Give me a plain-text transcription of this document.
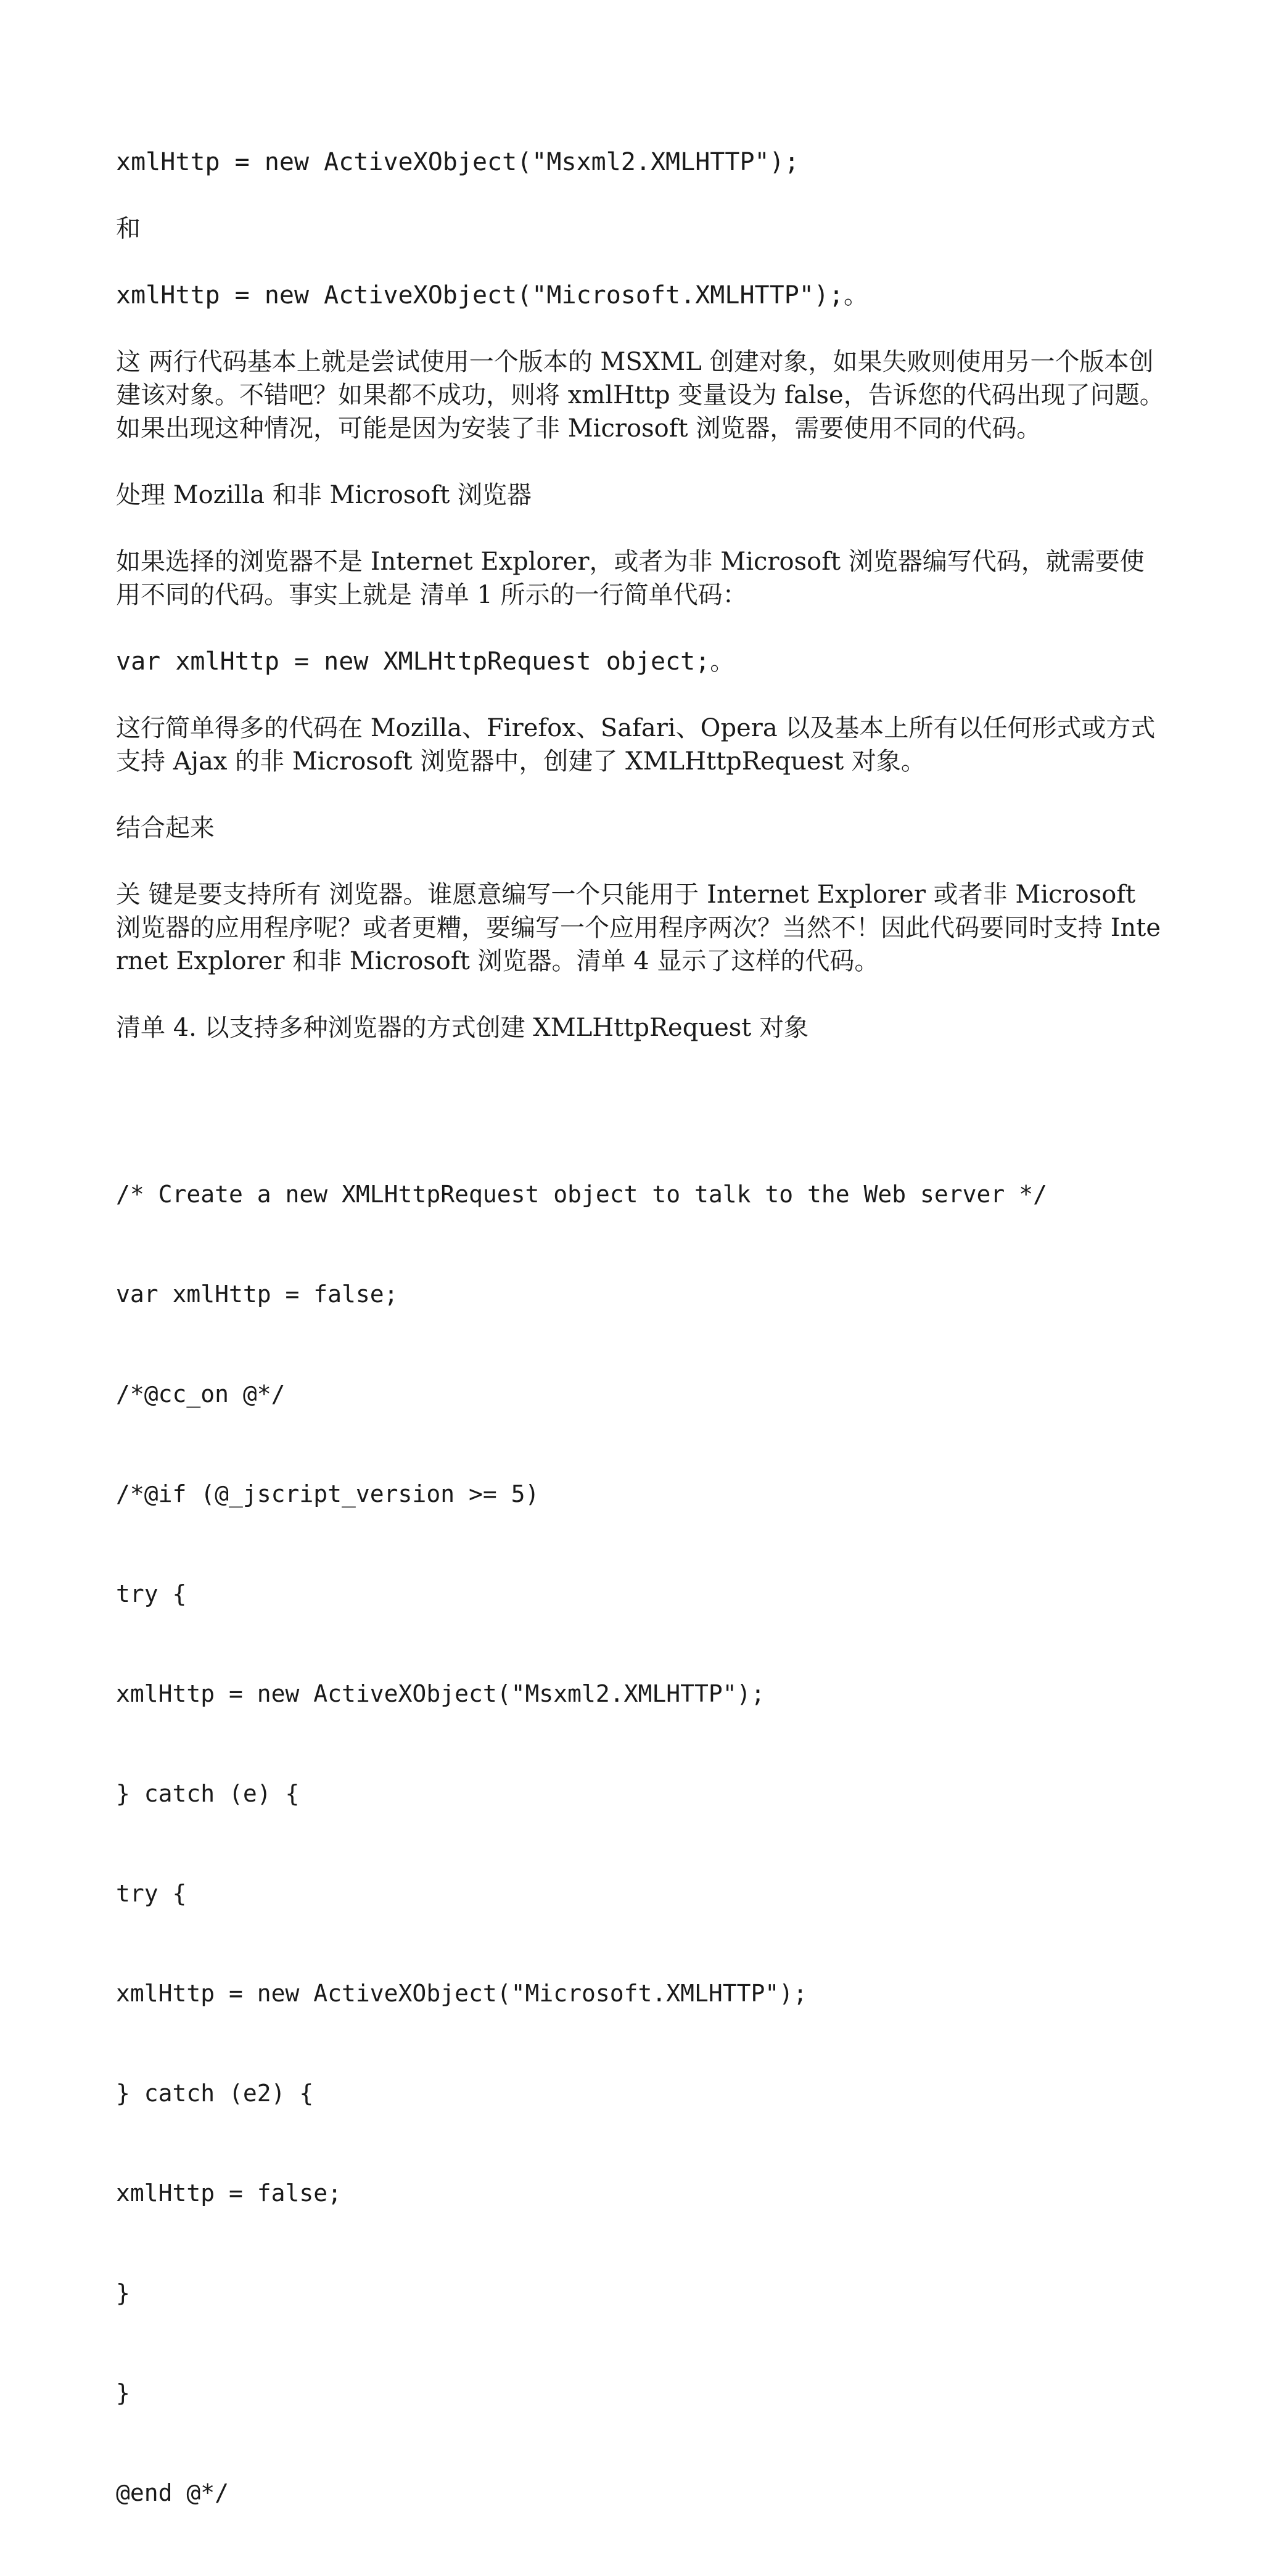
xmlHttp = new ActiveXObject("Msxml2.XMLHTTP");
和
xmlHttp = new ActiveXObject("Microsoft.XMLHTTP");。
这 两行代码基本上就是尝试使用一个版本的 MSXML 创建对象，如果失败则使用另一个版本创建该对象。不错吧？如果都不成功，则将 xmlHttp 变量设为 false，告诉您的代码出现了问题。如果出现这种情况，可能是因为安装了非 Microsoft 浏览器，需要使用不同的代码。
处理 Mozilla 和非 Microsoft 浏览器
如果选择的浏览器不是 Internet Explorer，或者为非 Microsoft 浏览器编写代码，就需要使用不同的代码。事实上就是 清单 1 所示的一行简单代码：
var xmlHttp = new XMLHttpRequest object;。
这行简单得多的代码在 Mozilla、Firefox、Safari、Opera 以及基本上所有以任何形式或方式支持 Ajax 的非 Microsoft 浏览器中，创建了 XMLHttpRequest 对象。
结合起来
关 键是要支持所有 浏览器。谁愿意编写一个只能用于 Internet Explorer 或者非 Microsoft 浏览器的应用程序呢？或者更糟，要编写一个应用程序两次？当然不！因此代码要同时支持 Internet Explorer 和非 Microsoft 浏览器。清单 4 显示了这样的代码。
清单 4. 以支持多种浏览器的方式创建 XMLHttpRequest 对象

/* Create a new XMLHttpRequest object to talk to the Web server */

var xmlHttp = false;

/*@cc_on @*/

/*@if (@_jscript_version >= 5)

try {

xmlHttp = new ActiveXObject("Msxml2.XMLHTTP");

} catch (e) {

try {

xmlHttp = new ActiveXObject("Microsoft.XMLHTTP");

} catch (e2) {

xmlHttp = false;

}

}

@end @*/
